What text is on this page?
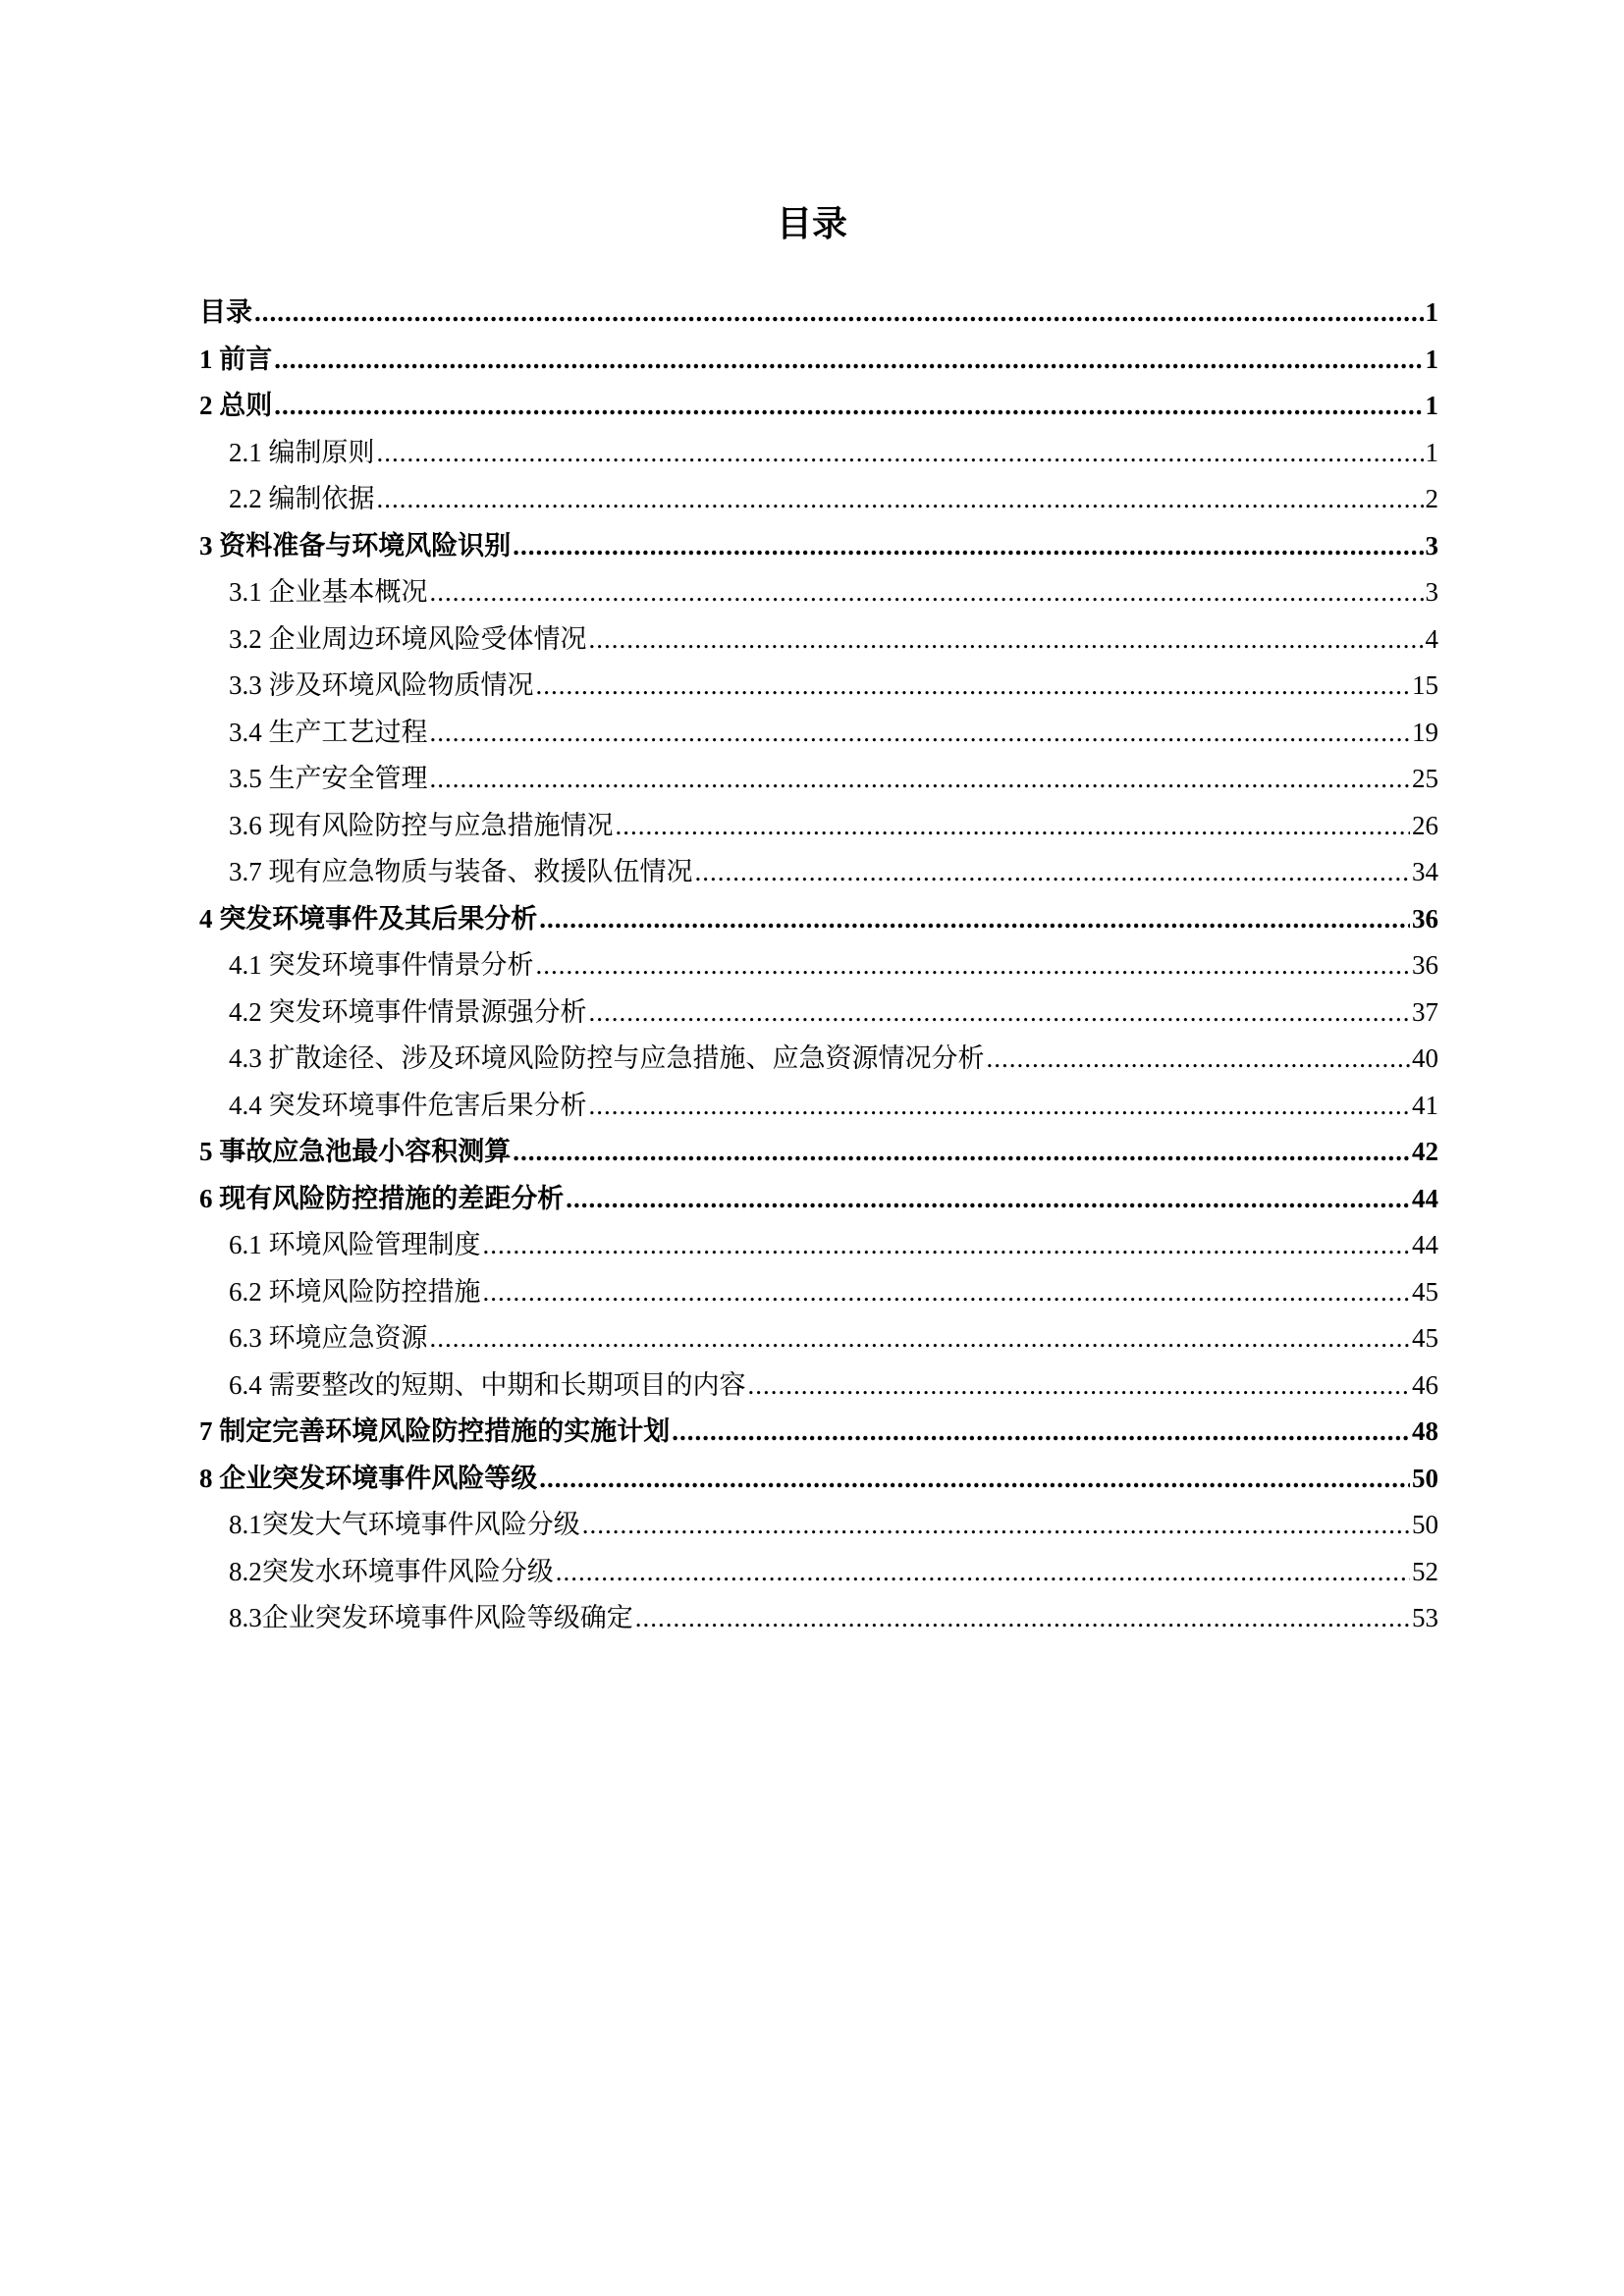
目录
目录 .....	1
1 前言 .....	1
2 总则 .....	1
2.1 编制原则 .....	1
2.2 编制依据 .....	2
3 资料准备与环境风险识别 .....	3
3.1 企业基本概况 .....	3
3.2 企业周边环境风险受体情况 .....	4
3.3 涉及环境风险物质情况 .....	15
3.4 生产工艺过程 .....	19
3.5 生产安全管理 .....	25
3.6 现有风险防控与应急措施情况 .....	26
3.7 现有应急物质与装备、救援队伍情况 .....	34
4 突发环境事件及其后果分析 .....	36
4.1 突发环境事件情景分析 .....	36
4.2 突发环境事件情景源强分析 .....	37
4.3 扩散途径、涉及环境风险防控与应急措施、应急资源情况分析 .....	40
4.4 突发环境事件危害后果分析 .....	41
5 事故应急池最小容积测算 .....	42
6 现有风险防控措施的差距分析 .....	44
6.1 环境风险管理制度 .....	44
6.2 环境风险防控措施 .....	45
6.3 环境应急资源 .....	45
6.4 需要整改的短期、中期和长期项目的内容 .....	46
7 制定完善环境风险防控措施的实施计划 .....	48
8 企业突发环境事件风险等级 .....	50
8.1 突发大气环境事件风险分级 .....	50
8.2 突发水环境事件风险分级 .....	52
8.3 企业突发环境事件风险等级确定 .....	53
